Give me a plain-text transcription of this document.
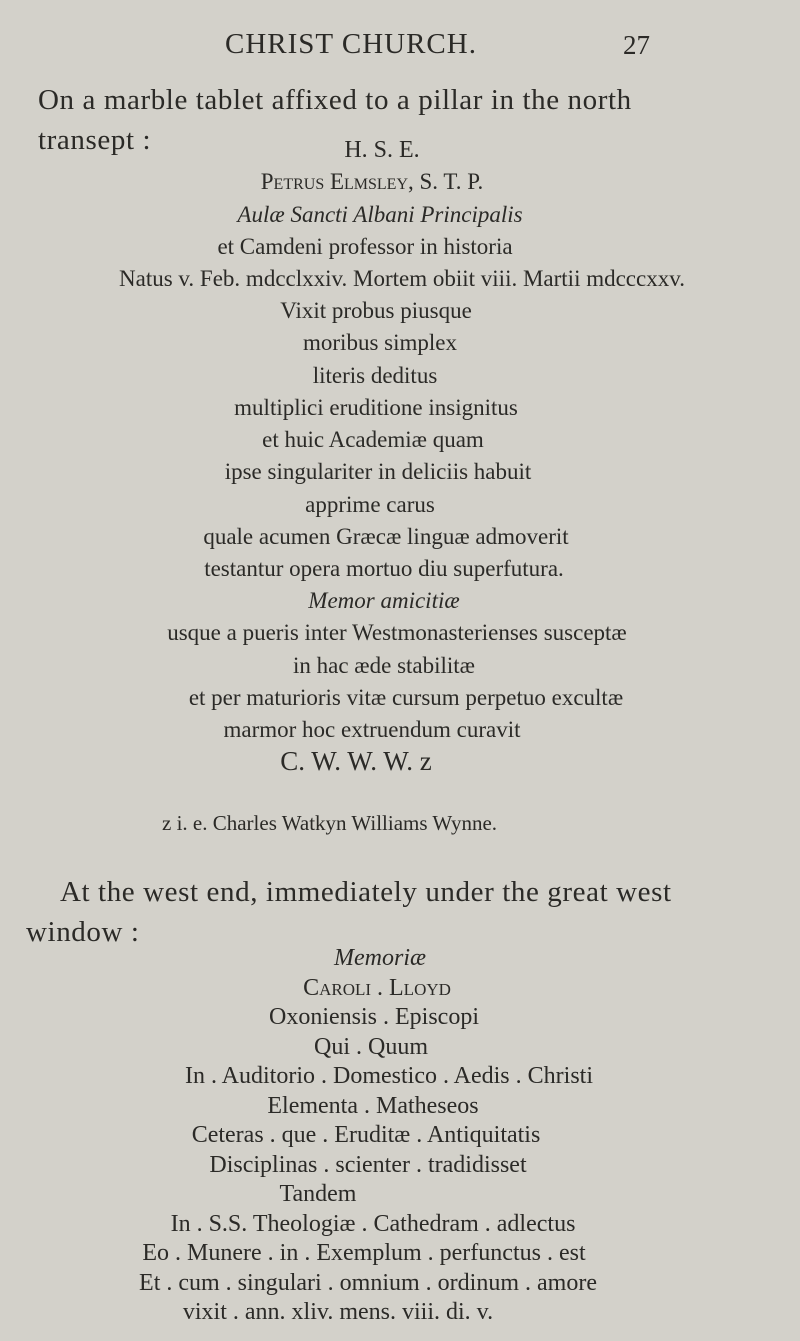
CHRIST CHURCH.	27
On a marble tablet affixed to a pillar in the north
transept :	H. S. E.
Petrus Elmsley, S. T. P.
Aulæ Sancti Albani Principalis
et Camdeni professor in historia
Natus v. Feb. mdcclxxiv. Mortem obiit viii. Martii mdcccxxv.
Vixit probus piusque
moribus simplex
literis deditus
multiplici eruditione insignitus
et huic Academiæ quam
ipse singulariter in deliciis habuit
apprime carus
quale acumen Græcæ linguæ admoverit
testantur opera mortuo diu superfutura.
Memor amicitiæ
usque a pueris inter Westmonasterienses susceptæ
in hac æde stabilitæ
et per maturioris vitæ cursum perpetuo excultæ
marmor hoc extruendum curavit
C. W. W. W. z
z i. e. Charles Watkyn Williams Wynne.
At the west end, immediately under the great west
window :
Memoriæ
Caroli . Lloyd
Oxoniensis . Episcopi
Qui . Quum
In . Auditorio . Domestico . Aedis . Christi
Elementa . Matheseos
Ceteras . que . Eruditæ . Antiquitatis
Disciplinas . scienter . tradidisset
Tandem
In . S.S. Theologiæ . Cathedram . adlectus
Eo . Munere . in . Exemplum . perfunctus . est
Et . cum . singulari . omnium . ordinum . amore
vixit . ann. xliv. mens. viii. di. v.
